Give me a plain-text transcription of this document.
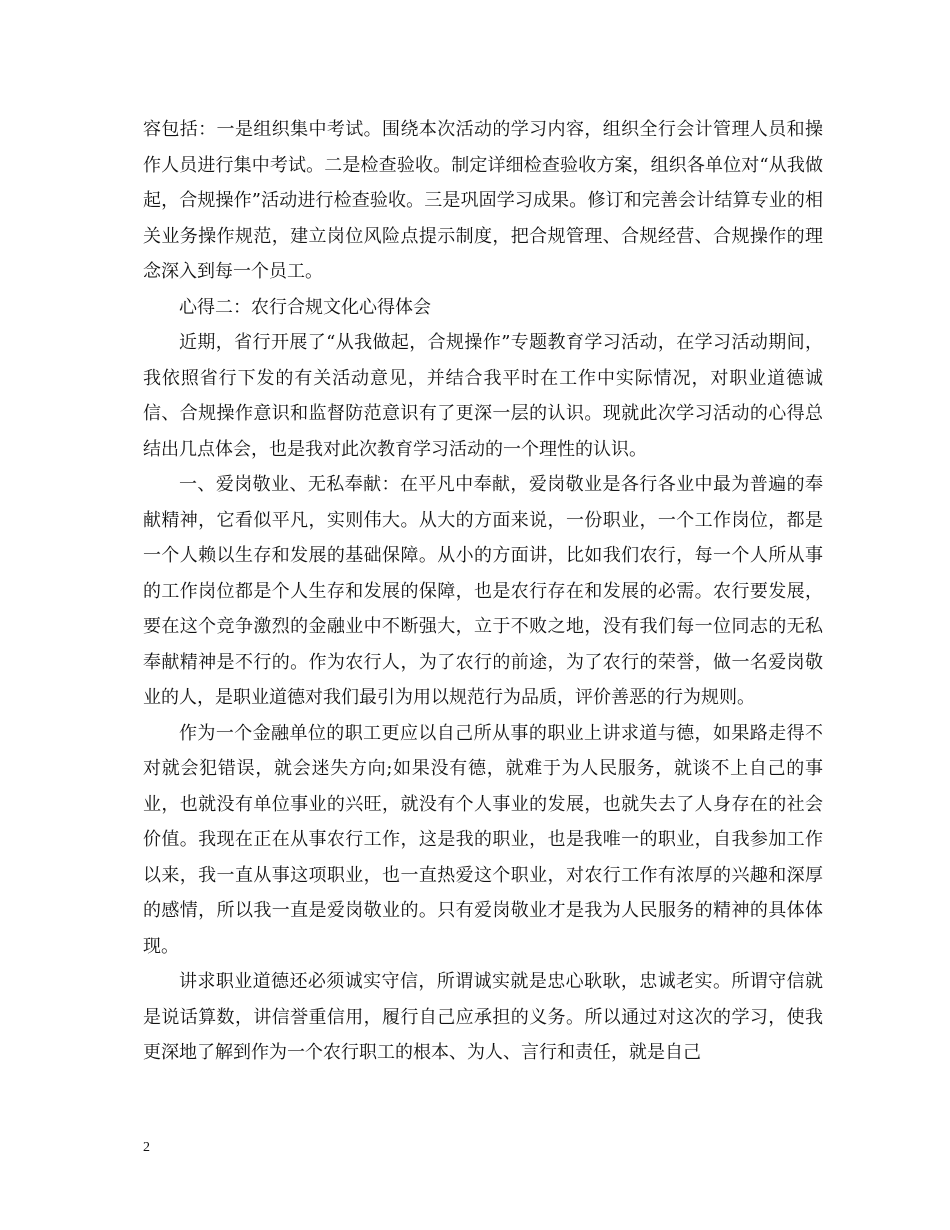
容包括：一是组织集中考试。围绕本次活动的学习内容，组织全行会计管理人员和操作人员进行集中考试。二是检查验收。制定详细检查验收方案，组织各单位对“从我做起，合规操作”活动进行检查验收。三是巩固学习成果。修订和完善会计结算专业的相关业务操作规范，建立岗位风险点提示制度，把合规管理、合规经营、合规操作的理念深入到每一个员工。

心得二：农行合规文化心得体会

近期，省行开展了“从我做起，合规操作”专题教育学习活动，在学习活动期间，我依照省行下发的有关活动意见，并结合我平时在工作中实际情况，对职业道德诚信、合规操作意识和监督防范意识有了更深一层的认识。现就此次学习活动的心得总结出几点体会，也是我对此次教育学习活动的一个理性的认识。

一、爱岗敬业、无私奉献：在平凡中奉献，爱岗敬业是各行各业中最为普遍的奉献精神，它看似平凡，实则伟大。从大的方面来说，一份职业，一个工作岗位，都是一个人赖以生存和发展的基础保障。从小的方面讲，比如我们农行，每一个人所从事的工作岗位都是个人生存和发展的保障，也是农行存在和发展的必需。农行要发展，要在这个竞争激烈的金融业中不断强大，立于不败之地，没有我们每一位同志的无私奉献精神是不行的。作为农行人，为了农行的前途，为了农行的荣誉，做一名爱岗敬业的人，是职业道德对我们最引为用以规范行为品质，评价善恶的行为规则。

作为一个金融单位的职工更应以自己所从事的职业上讲求道与德，如果路走得不对就会犯错误，就会迷失方向;如果没有德，就难于为人民服务，就谈不上自己的事业，也就没有单位事业的兴旺，就没有个人事业的发展，也就失去了人身存在的社会价值。我现在正在从事农行工作，这是我的职业，也是我唯一的职业，自我参加工作以来，我一直从事这项职业，也一直热爱这个职业，对农行工作有浓厚的兴趣和深厚的感情，所以我一直是爱岗敬业的。只有爱岗敬业才是我为人民服务的精神的具体体现。

讲求职业道德还必须诚实守信，所谓诚实就是忠心耿耿，忠诚老实。所谓守信就是说话算数，讲信誉重信用，履行自己应承担的义务。所以通过对这次的学习，使我更深地了解到作为一个农行职工的根本、为人、言行和责任，就是自己

2
